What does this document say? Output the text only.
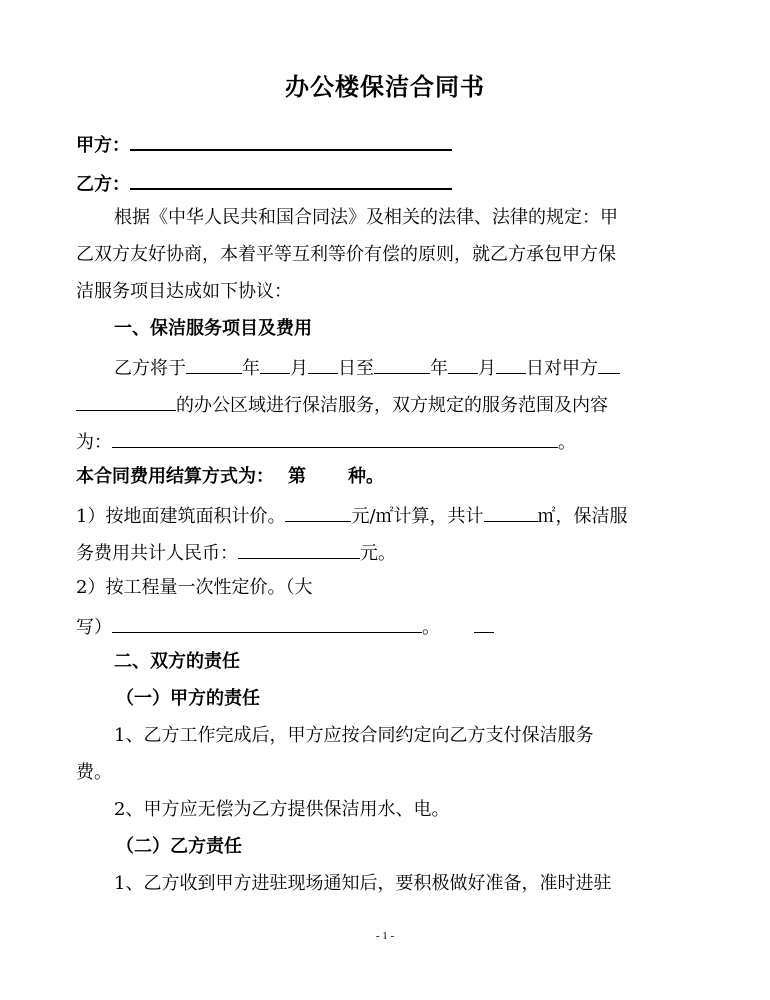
办公楼保洁合同书
甲方：
乙方：
根据《中华人民共和国合同法》及相关的法律、法律的规定：甲
乙双方友好协商，本着平等互利等价有偿的原则，就乙方承包甲方保
洁服务项目达成如下协议：
一、保洁服务项目及费用
乙方将于	年 月 日至	年 月 日对甲方
的办公区域进行保洁服务，双方规定的服务范围及内容
为：	。
本合同费用结算方式为： 第 种。
1）按地面建筑面积计价。	元/㎡计算，共计	㎡，保洁服
务费用共计人民币：	元。
2）按工程量一次性定价。（大
写）	。
二、双方的责任
（一）甲方的责任
1、乙方工作完成后，甲方应按合同约定向乙方支付保洁服务
费。
2、甲方应无偿为乙方提供保洁用水、电。
（二）乙方责任
1、乙方收到甲方进驻现场通知后，要积极做好准备，准时进驻
- 1 -
